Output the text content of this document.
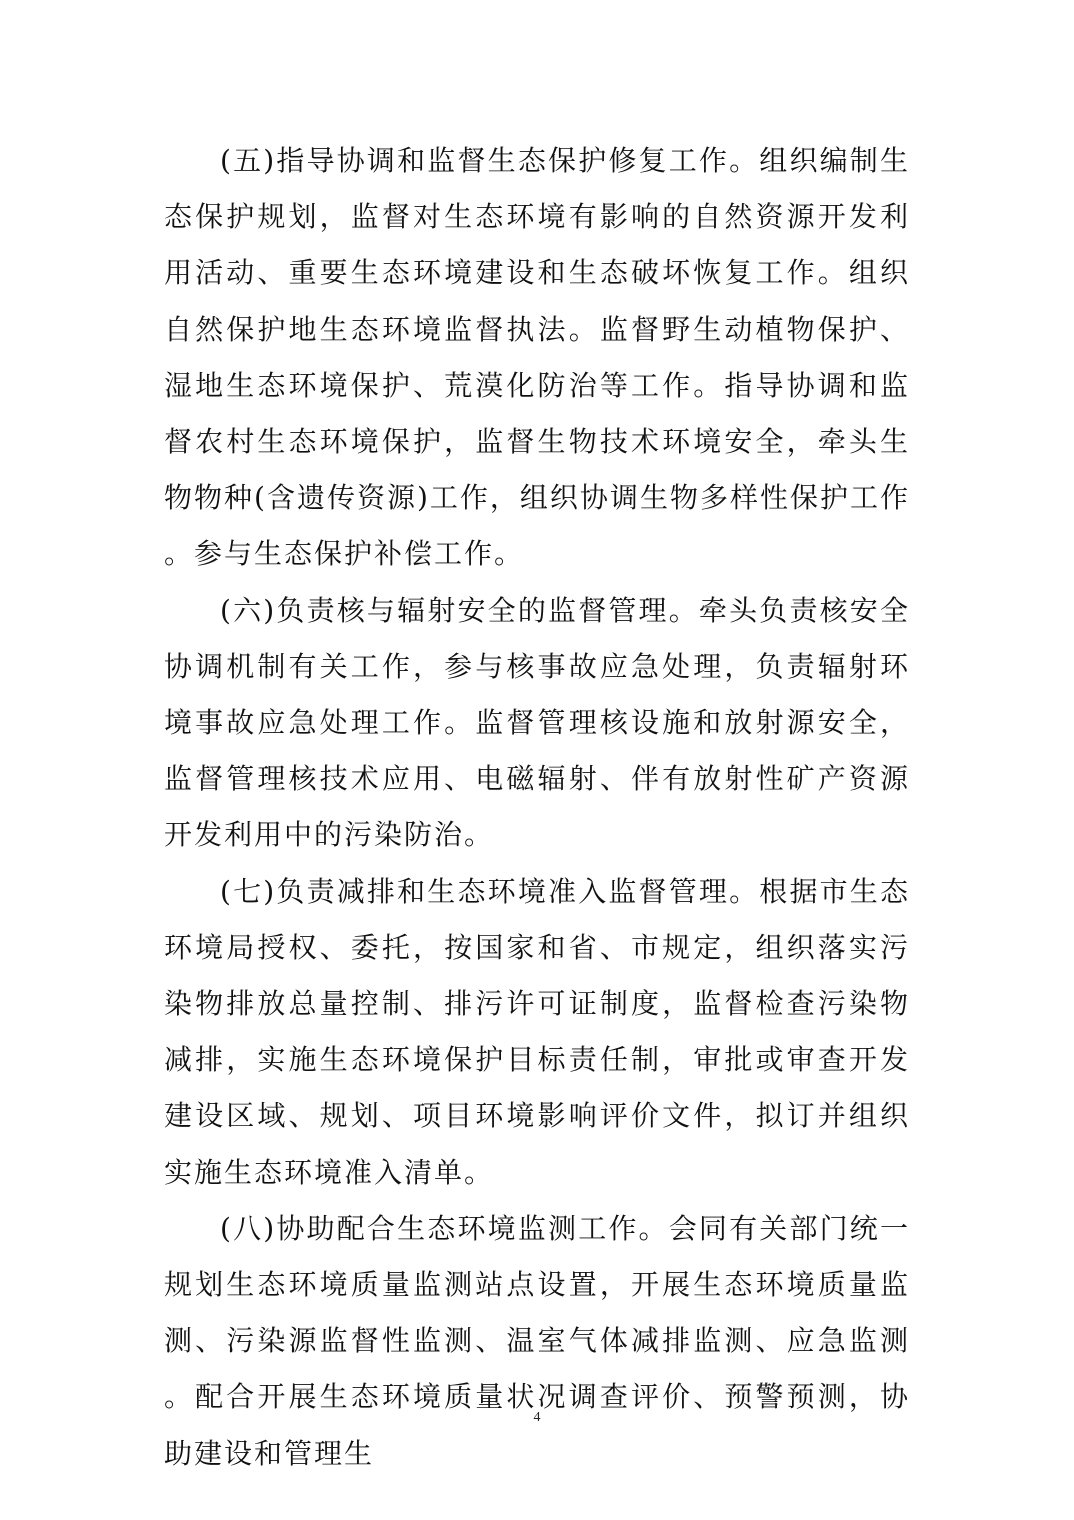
(五)指导协调和监督生态保护修复工作。组织编制生态保护规划，监督对生态环境有影响的自然资源开发利用活动、重要生态环境建设和生态破坏恢复工作。组织自然保护地生态环境监督执法。监督野生动植物保护、湿地生态环境保护、荒漠化防治等工作。指导协调和监督农村生态环境保护，监督生物技术环境安全，牵头生物物种(含遗传资源)工作，组织协调生物多样性保护工作。参与生态保护补偿工作。

(六)负责核与辐射安全的监督管理。牵头负责核安全协调机制有关工作，参与核事故应急处理，负责辐射环境事故应急处理工作。监督管理核设施和放射源安全，监督管理核技术应用、电磁辐射、伴有放射性矿产资源开发利用中的污染防治。

(七)负责减排和生态环境准入监督管理。根据市生态环境局授权、委托，按国家和省、市规定，组织落实污染物排放总量控制、排污许可证制度，监督检查污染物减排，实施生态环境保护目标责任制，审批或审查开发建设区域、规划、项目环境影响评价文件，拟订并组织实施生态环境准入清单。

(八)协助配合生态环境监测工作。会同有关部门统一规划生态环境质量监测站点设置，开展生态环境质量监测、污染源监督性监测、温室气体减排监测、应急监测。配合开展生态环境质量状况调查评价、预警预测，协助建设和管理生

4
